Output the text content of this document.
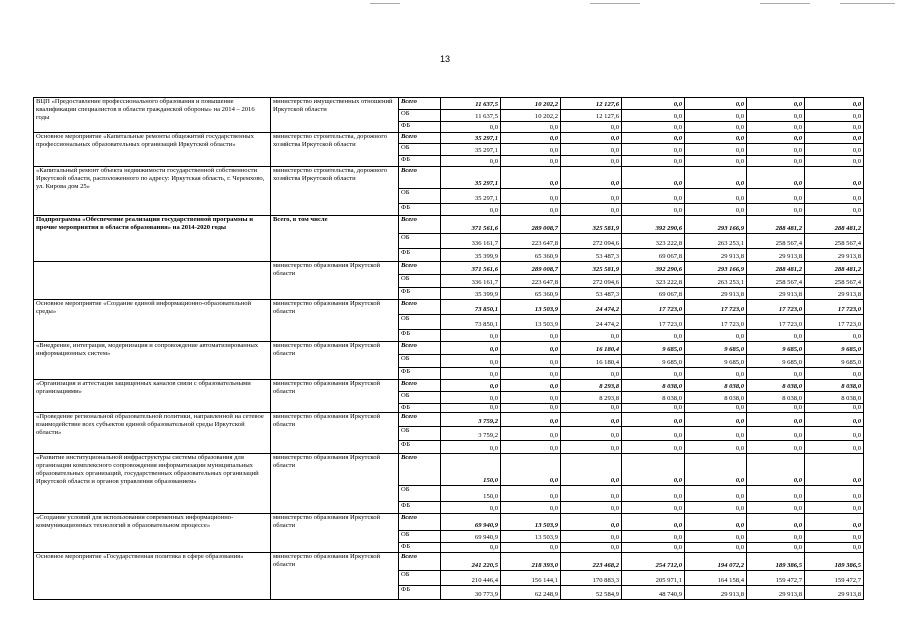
13
ВЦП «Предоставление профессионального образования и повышение квалификации специалистов в области гражданской обороны» на 2014 – 2016 годы	министерство имущественных отношений Иркутской области	Всего	11 637,5	10 202,2	12 127,6	0,0	0,0	0,0	0,0
		ОБ	11 637,5	10 202,2	12 127,6	0,0	0,0	0,0	0,0
		ФБ	0,0	0,0	0,0	0,0	0,0	0,0	0,0
Основное мероприятие «Капитальные ремонты общежитий государственных профессиональных образовательных организаций Иркутской области»	министерство строительства, дорожного хозяйства Иркутской области	Всего	35 297,1	0,0	0,0	0,0	0,0	0,0	0,0
		ОБ	35 297,1	0,0	0,0	0,0	0,0	0,0	0,0
		ФБ	0,0	0,0	0,0	0,0	0,0	0,0	0,0
«Капитальный ремонт объекта недвижимости государственной собственности Иркутской области, расположенного по адресу: Иркутская область, г. Черемхово, ул. Кирова дом 25»	министерство строительства, дорожного хозяйства Иркутской области	Всего	35 297,1	0,0	0,0	0,0	0,0	0,0	0,0
		ОБ	35 297,1	0,0	0,0	0,0	0,0	0,0	0,0
		ФБ	0,0	0,0	0,0	0,0	0,0	0,0	0,0
Подпрограмма «Обеспечение реализации государственной программы и прочие мероприятия в области образования» на 2014-2020 годы	Всего, в том числе	Всего	371 561,6	289 008,7	325 581,9	392 290,6	293 166,9	288 481,2	288 481,2
		ОБ	336 161,7	223 647,8	272 094,6	323 222,8	263 253,1	258 567,4	258 567,4
		ФБ	35 399,9	65 360,9	53 487,3	69 067,8	29 913,8	29 913,8	29 913,8
	министерство образования Иркутской области	Всего	371 561,6	289 008,7	325 581,9	392 290,6	293 166,9	288 481,2	288 481,2
		ОБ	336 161,7	223 647,8	272 094,6	323 222,8	263 253,1	258 567,4	258 567,4
		ФБ	35 399,9	65 360,9	53 487,3	69 067,8	29 913,8	29 913,8	29 913,8
Основное мероприятие «Создание единой информационно-образовательной среды»	министерство образования Иркутской области	Всего	73 850,1	13 503,9	24 474,2	17 723,0	17 723,0	17 723,0	17 723,0
		ОБ	73 850,1	13 503,9	24 474,2	17 723,0	17 723,0	17 723,0	17 723,0
		ФБ	0,0	0,0	0,0	0,0	0,0	0,0	0,0
«Внедрение, интеграция, модернизация и сопровождение автоматизированных информационных систем»	министерство образования Иркутской области	Всего	0,0	0,0	16 180,4	9 685,0	9 685,0	9 685,0	9 685,0
		ОБ	0,0	0,0	16 180,4	9 685,0	9 685,0	9 685,0	9 685,0
		ФБ	0,0	0,0	0,0	0,0	0,0	0,0	0,0
«Организация и аттестация защищенных каналов связи с образовательными организациями»	министерство образования Иркутской области	Всего	0,0	0,0	8 293,8	8 038,0	8 038,0	8 038,0	8 038,0
		ОБ	0,0	0,0	8 293,8	8 038,0	8 038,0	8 038,0	8 038,0
		ФБ	0,0	0,0	0,0	0,0	0,0	0,0	0,0
«Проведение региональной образовательной политики, направленной на сетевое взаимодействие всех субъектов единой образовательной среды Иркутской области»	министерство образования Иркутской области	Всего	3 759,2	0,0	0,0	0,0	0,0	0,0	0,0
		ОБ	3 759,2	0,0	0,0	0,0	0,0	0,0	0,0
		ФБ	0,0	0,0	0,0	0,0	0,0	0,0	0,0
«Развитие институциональной инфраструктуры системы образования для организации комплексного сопровождения информатизации муниципальных образовательных организаций, государственных образовательных организаций Иркутской области и органов управления образованием»	министерство образования Иркутской области	Всего	150,0	0,0	0,0	0,0	0,0	0,0	0,0
		ОБ	150,0	0,0	0,0	0,0	0,0	0,0	0,0
		ФБ	0,0	0,0	0,0	0,0	0,0	0,0	0,0
«Создание условий для использования современных информационно-коммуникационных технологий в образовательном процессе»	министерство образования Иркутской области	Всего	69 940,9	13 503,9	0,0	0,0	0,0	0,0	0,0
		ОБ	69 940,9	13 503,9	0,0	0,0	0,0	0,0	0,0
		ФБ	0,0	0,0	0,0	0,0	0,0	0,0	0,0
Основное мероприятие «Государственная политика в сфере образования»	министерство образования Иркутской области	Всего	241 220,5	218 393,0	223 468,2	254 712,0	194 072,2	189 386,5	189 386,5
		ОБ	210 446,4	156 144,1	170 883,3	205 971,1	164 158,4	159 472,7	159 472,7
		ФБ	30 773,9	62 248,9	52 584,9	48 740,9	29 913,8	29 913,8	29 913,8
